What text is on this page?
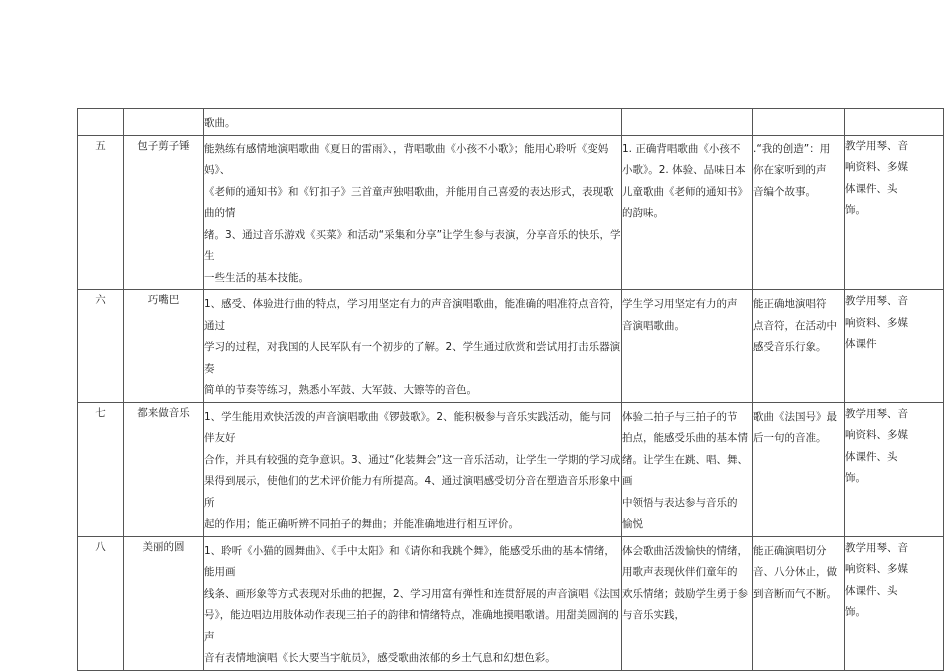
		歌曲。			

五	包子剪子锤	能熟练有感情地演唱歌曲《夏日的雷雨》、，背唱歌曲《小孩不小歌》；能用心聆听《变妈妈》、
《老师的通知书》和《钉扣子》三首童声独唱歌曲，并能用自己喜爱的表达形式，表现歌曲的情
绪。3、通过音乐游戏《买菜》和活动“采集和分享”让学生参与表演，分享音乐的快乐，学生
一些生活的基本技能。	1. 正确背唱歌曲《小孩不
小歌》。2. 体验、品味日本
儿童歌曲《老师的通知书》
的韵味。	.“我的创造”：用
你在家听到的声
音编个故事。	教学用琴、音
响资料、多媒
体课件、头
饰。

六	巧嘴巴	1、感受、体验进行曲的特点，学习用坚定有力的声音演唱歌曲，能准确的唱准符点音符，通过
学习的过程，对我国的人民军队有一个初步的了解。2、学生通过欣赏和尝试用打击乐器演奏
简单的节奏等练习，熟悉小军鼓、大军鼓、大镲等的音色。	学生学习用坚定有力的声
音演唱歌曲。	能正确地演唱符
点音符，在活动中
感受音乐行象。	教学用琴、音
响资料、多媒
体课件

七	都来做音乐	1、学生能用欢快活泼的声音演唱歌曲《锣鼓歌》。2、能积极参与音乐实践活动，能与同伴友好
合作，并具有较强的竞争意识。3、通过“化装舞会”这一音乐活动，让学生一学期的学习成
果得到展示，使他们的艺术评价能力有所提高。4、通过演唱感受切分音在塑造音乐形象中所
起的作用；能正确听辨不同拍子的舞曲；并能准确地进行相互评价。	体验二拍子与三拍子的节
拍点，能感受乐曲的基本情
绪。让学生在跳、唱、舞、画
中领悟与表达参与音乐的
愉悦	歌曲《法国号》最
后一句的音准。	教学用琴、音
响资料、多媒
体课件、头
饰。

八	美丽的圆	1、聆听《小猫的圆舞曲》、《手中太阳》和《请你和我跳个舞》，能感受乐曲的基本情绪，能用画
线条、画形象等方式表现对乐曲的把握，2、学习用富有弹性和连贯舒展的声音演唱《法国
号》，能边唱边用肢体动作表现三拍子的韵律和情绪特点，准确地摸唱歌谱。用甜美圆润的声
音有表情地演唱《长大要当宇航员》，感受歌曲浓郁的乡土气息和幻想色彩。	体会歌曲活泼愉快的情绪，
用歌声表现伙伴们童年的
欢乐情绪；鼓励学生勇于参
与音乐实践，	能正确演唱切分
音、八分休止，做
到音断而气不断。	教学用琴、音
响资料、多媒
体课件、头
饰。
